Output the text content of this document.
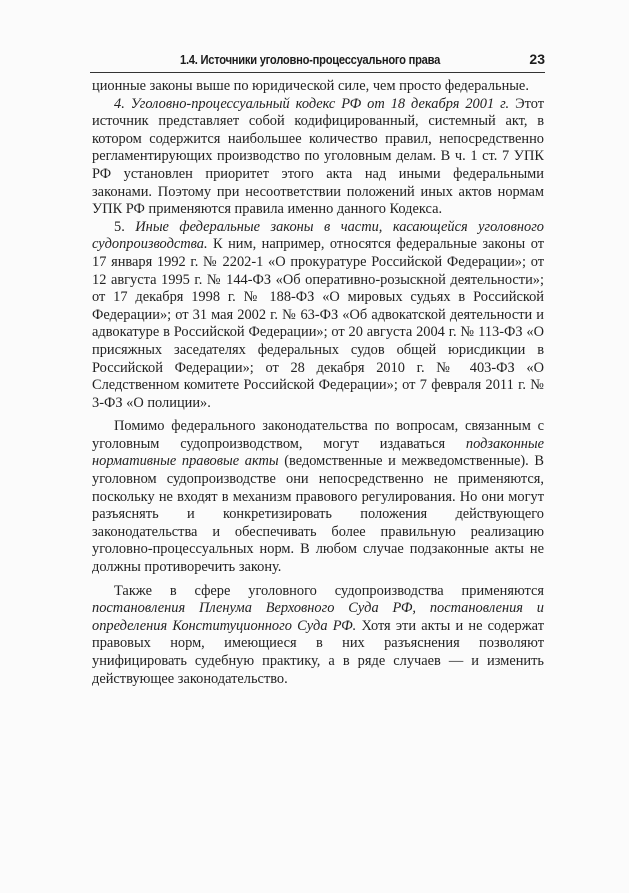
1.4. Источники уголовно-процессуального права	23

ционные законы выше по юридической силе, чем просто федеральные.

4. Уголовно-процессуальный кодекс РФ от 18 декабря 2001 г. Этот источник представляет собой кодифицированный, системный акт, в котором содержится наибольшее количество правил, непосредственно регламентирующих производство по уголовным делам. В ч. 1 ст. 7 УПК РФ установлен приоритет этого акта над иными федеральными законами. Поэтому при несоответствии положений иных актов нормам УПК РФ применяются правила именно данного Кодекса.

5. Иные федеральные законы в части, касающейся уголовного судопроизводства. К ним, например, относятся федеральные законы от 17 января 1992 г. № 2202-1 «О прокуратуре Российской Федерации»; от 12 августа 1995 г. № 144-ФЗ «Об оперативно-розыскной деятельности»; от 17 декабря 1998 г. № 188-ФЗ «О мировых судьях в Российской Федерации»; от 31 мая 2002 г. № 63-ФЗ «Об адвокатской деятельности и адвокатуре в Российской Федерации»; от 20 августа 2004 г. № 113-ФЗ «О присяжных заседателях федеральных судов общей юрисдикции в Российской Федерации»; от 28 декабря 2010 г. № 403-ФЗ «О Следственном комитете Российской Федерации»; от 7 февраля 2011 г. № 3-ФЗ «О полиции».

Помимо федерального законодательства по вопросам, связанным с уголовным судопроизводством, могут издаваться подзаконные нормативные правовые акты (ведомственные и межведомственные). В уголовном судопроизводстве они непосредственно не применяются, поскольку не входят в механизм правового регулирования. Но они могут разъяснять и конкретизировать положения действующего законодательства и обеспечивать более правильную реализацию уголовно-процессуальных норм. В любом случае подзаконные акты не должны противоречить закону.

Также в сфере уголовного судопроизводства применяются постановления Пленума Верховного Суда РФ, постановления и определения Конституционного Суда РФ. Хотя эти акты и не содержат правовых норм, имеющиеся в них разъяснения позволяют унифицировать судебную практику, а в ряде случаев — и изменить действующее законодательство.
